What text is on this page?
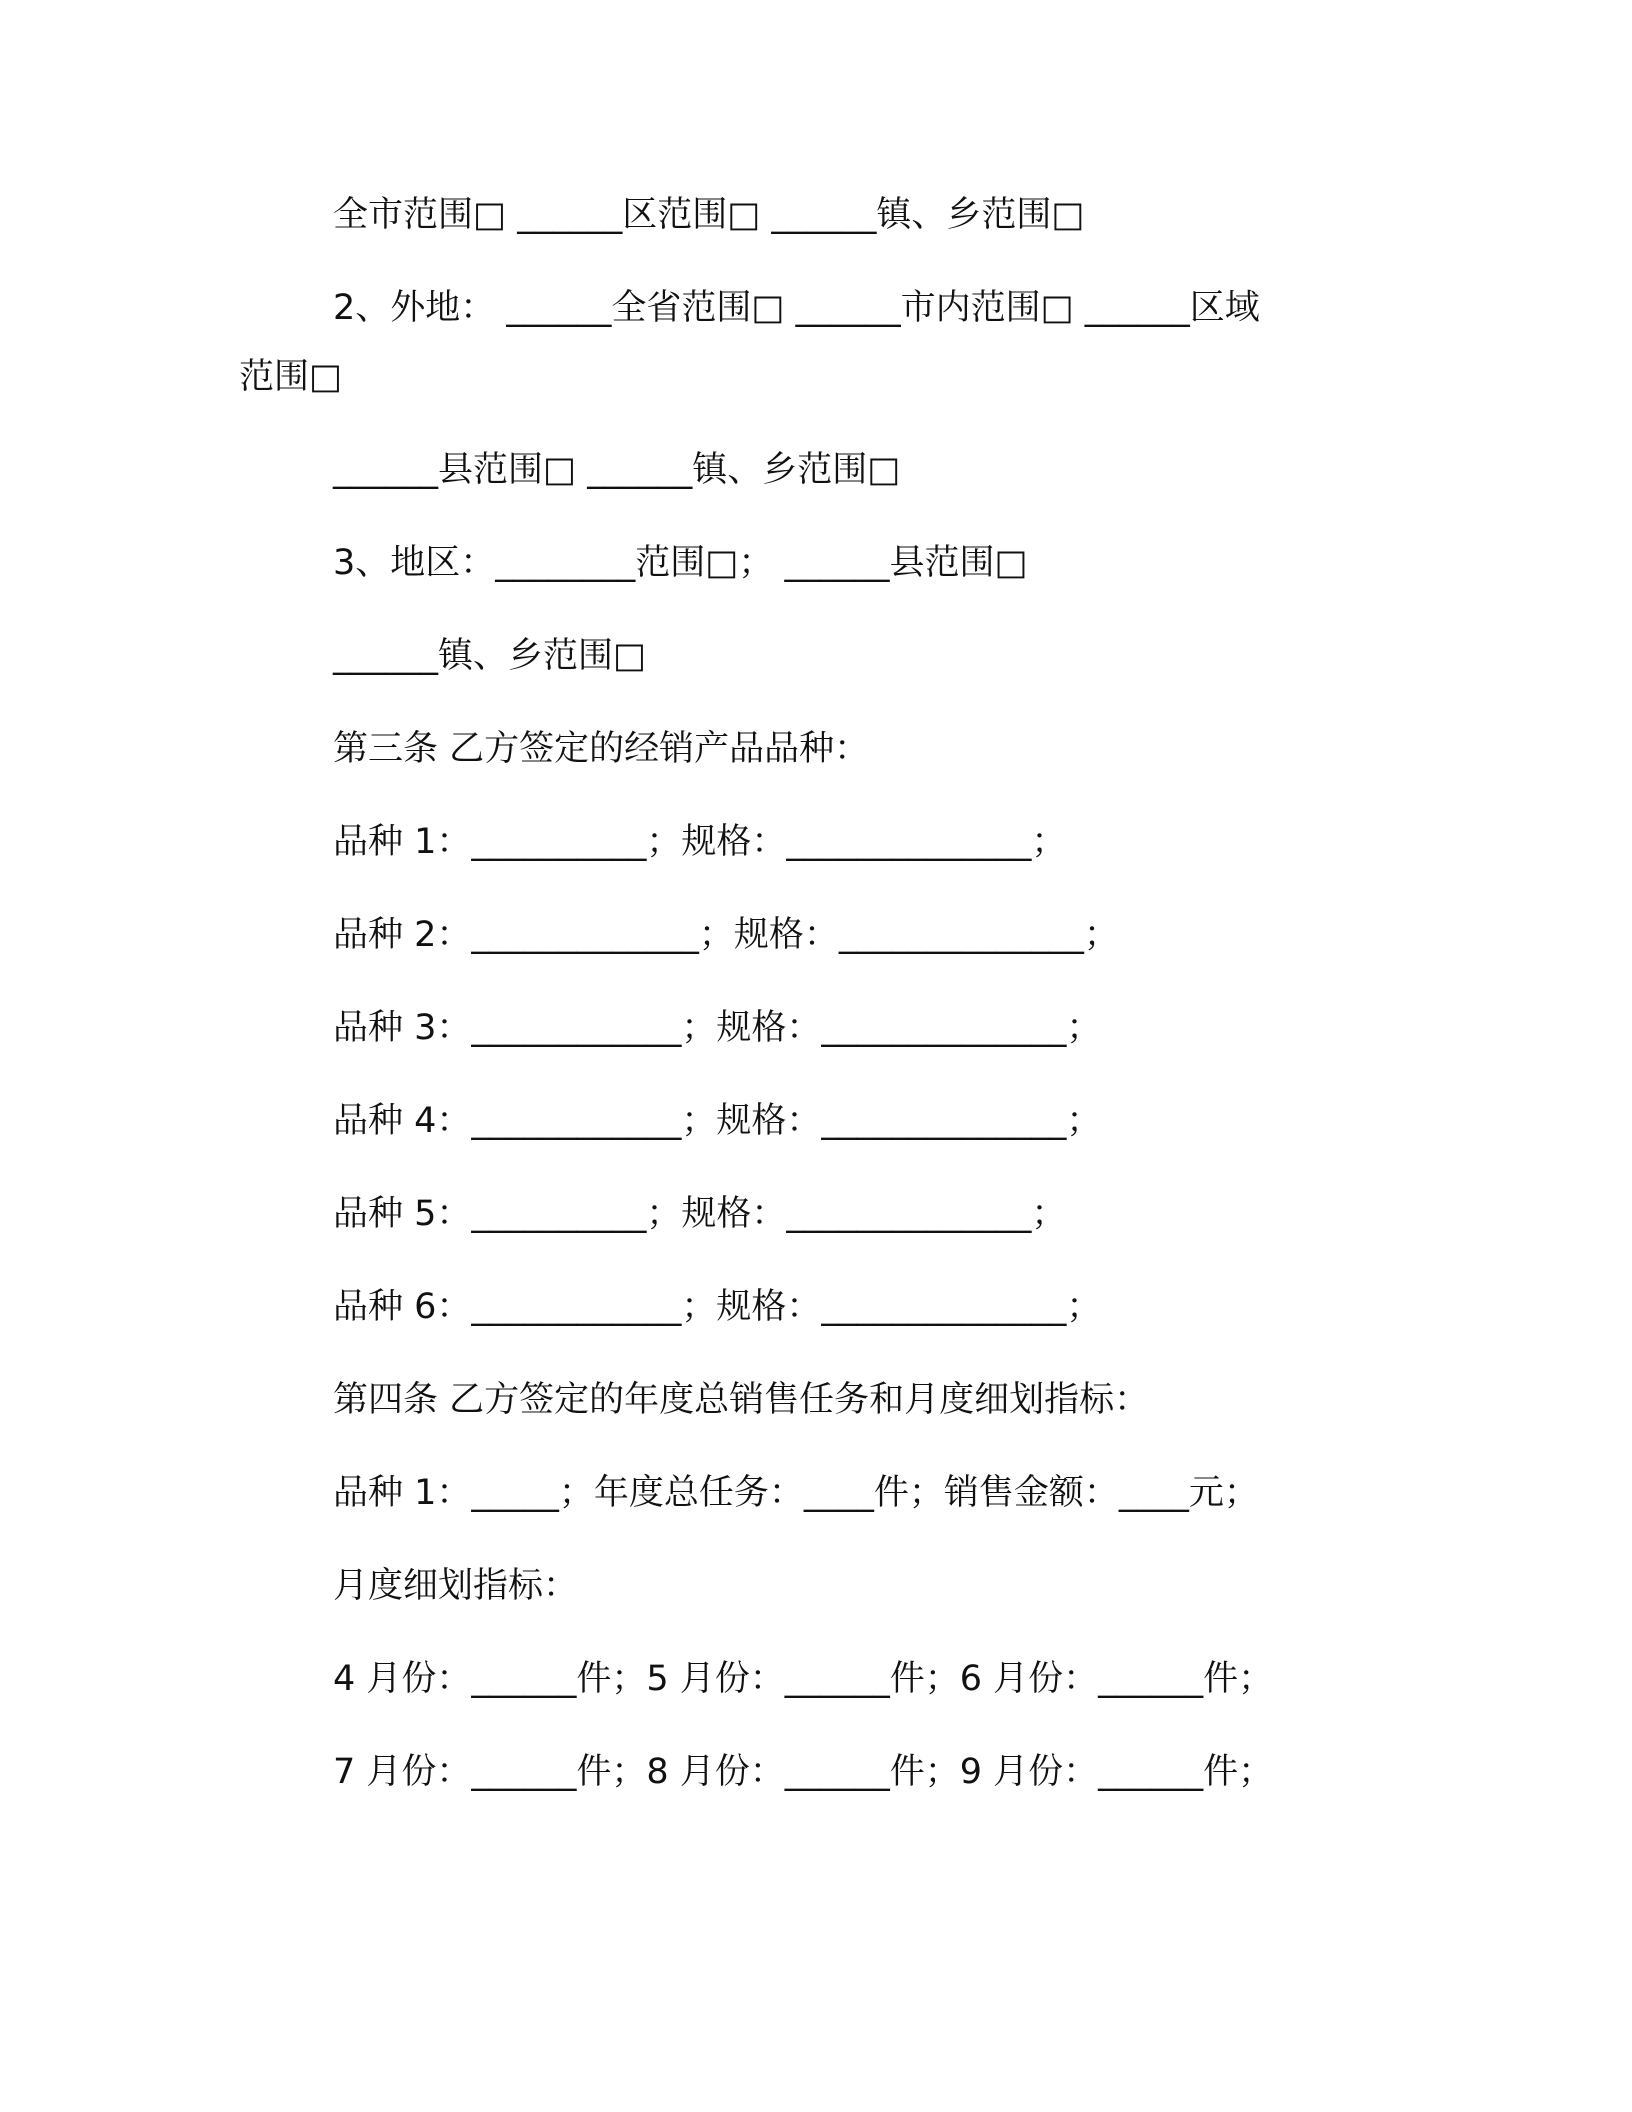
全市范围□ ______区范围□ ______镇、乡范围□

2、外地： ______全省范围□ ______市内范围□ ______区域

范围□

______县范围□ ______镇、乡范围□

3、地区：________范围□； ______县范围□

______镇、乡范围□

第三条 乙方签定的经销产品品种：

品种 1：__________；规格：______________；

品种 2：_____________；规格：______________；

品种 3：____________；规格：______________；

品种 4：____________；规格：______________；

品种 5：__________；规格：______________；

品种 6：____________；规格：______________；

第四条 乙方签定的年度总销售任务和月度细划指标：

品种 1：_____；年度总任务：____件；销售金额：____元；

月度细划指标：

4 月份：______件；5 月份：______件；6 月份：______件；

7 月份：______件；8 月份：______件；9 月份：______件；
